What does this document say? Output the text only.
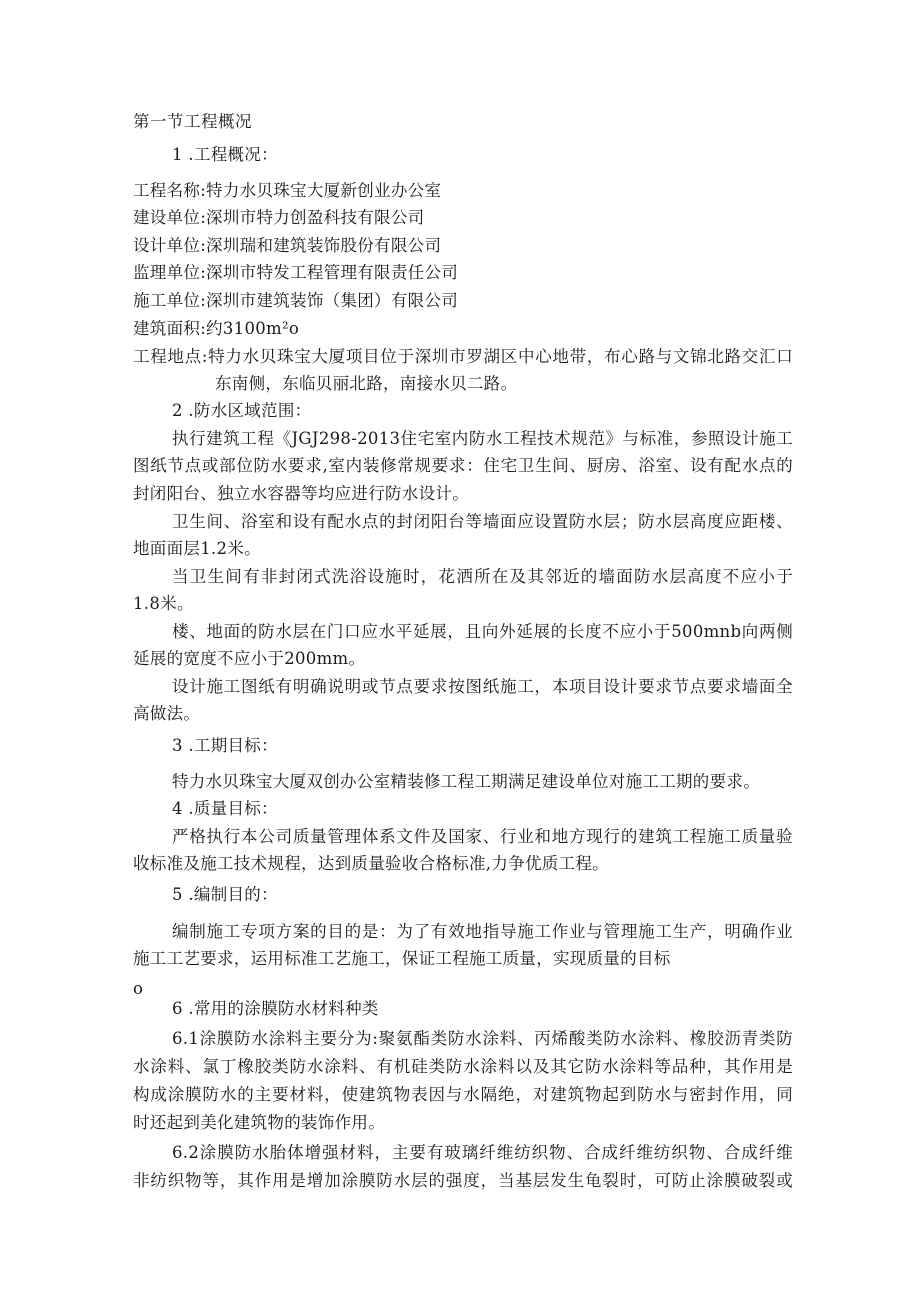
第一节工程概况
1 .工程概况：
工程名称:特力水贝珠宝大厦新创业办公室
建设单位:深圳市特力创盈科技有限公司
设计单位:深圳瑞和建筑装饰股份有限公司
监理单位:深圳市特发工程管理有限责任公司
施工单位:深圳市建筑装饰（集团）有限公司
建筑面积:约3100m²o
工程地点:特力水贝珠宝大厦项目位于深圳市罗湖区中心地带，布心路与文锦北路交汇口
东南侧，东临贝丽北路，南接水贝二路。
2 .防水区域范围：
执行建筑工程《JGJ298-2013住宅室内防水工程技术规范》与标准，参照设计施工
图纸节点或部位防水要求,室内装修常规要求：住宅卫生间、厨房、浴室、设有配水点的
封闭阳台、独立水容器等均应进行防水设计。
卫生间、浴室和设有配水点的封闭阳台等墙面应设置防水层；防水层高度应距楼、
地面面层1.2米。
当卫生间有非封闭式洗浴设施时，花洒所在及其邻近的墙面防水层高度不应小于
1.8米。
楼、地面的防水层在门口应水平延展，且向外延展的长度不应小于500mnb向两侧
延展的宽度不应小于200mm。
设计施工图纸有明确说明或节点要求按图纸施工，本项目设计要求节点要求墙面全
高做法。
3 .工期目标：
特力水贝珠宝大厦双创办公室精装修工程工期满足建设单位对施工工期的要求。
4 .质量目标：
严格执行本公司质量管理体系文件及国家、行业和地方现行的建筑工程施工质量验
收标准及施工技术规程，达到质量验收合格标准,力争优质工程。
5 .编制目的：
编制施工专项方案的目的是：为了有效地指导施工作业与管理施工生产，明确作业
施工工艺要求，运用标准工艺施工，保证工程施工质量，实现质量的目标
o
6 .常用的涂膜防水材料种类
6.1涂膜防水涂料主要分为:聚氨酯类防水涂料、丙烯酸类防水涂料、橡胶沥青类防
水涂料、氯丁橡胶类防水涂料、有机硅类防水涂料以及其它防水涂料等品种，其作用是
构成涂膜防水的主要材料，使建筑物表因与水隔绝，对建筑物起到防水与密封作用，同
时还起到美化建筑物的装饰作用。
6.2涂膜防水胎体增强材料，主要有玻璃纤维纺织物、合成纤维纺织物、合成纤维
非纺织物等，其作用是增加涂膜防水层的强度，当基层发生龟裂时，可防止涂膜破裂或
